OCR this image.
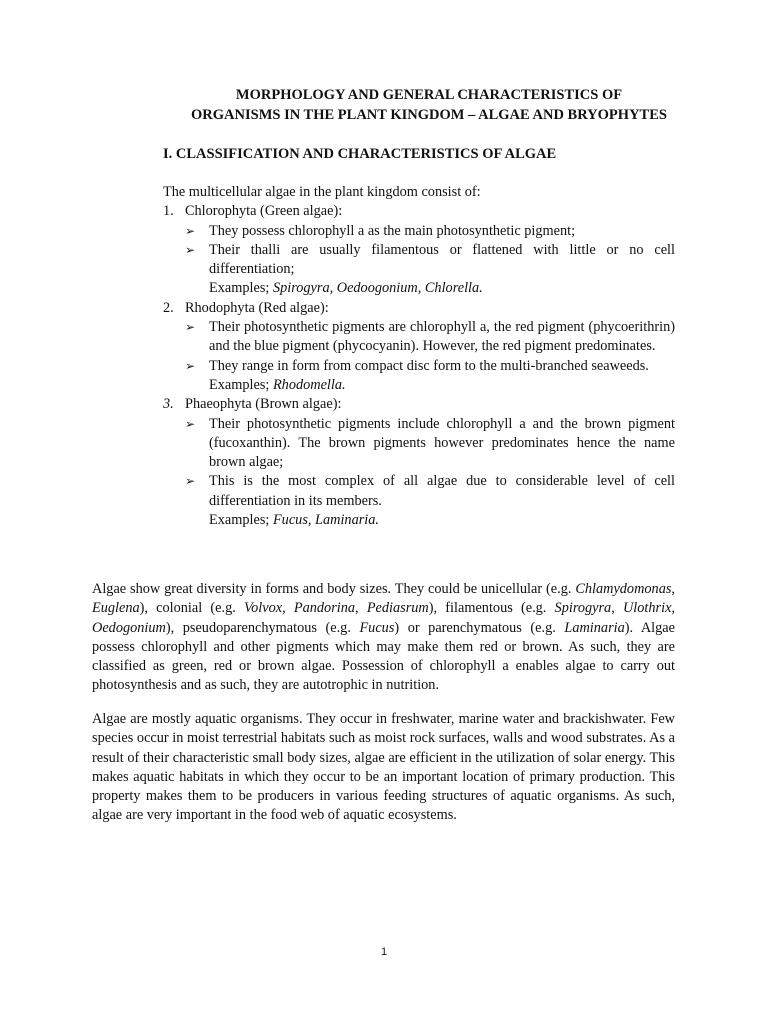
MORPHOLOGY AND GENERAL CHARACTERISTICS OF
ORGANISMS IN THE PLANT KINGDOM – ALGAE AND BRYOPHYTES
I. CLASSIFICATION AND CHARACTERISTICS OF ALGAE
The multicellular algae in the plant kingdom consist of:
1. Chlorophyta (Green algae):
➢ They possess chlorophyll a as the main photosynthetic pigment;
➢ Their thalli are usually filamentous or flattened with little or no cell differentiation;
Examples; Spirogyra, Oedoogonium, Chlorella.
2. Rhodophyta (Red algae):
➢ Their photosynthetic pigments are chlorophyll a, the red pigment (phycoerithrin) and the blue pigment (phycocyanin). However, the red pigment predominates.
➢ They range in form from compact disc form to the multi-branched seaweeds.
Examples; Rhodomella.
3. Phaeophyta (Brown algae):
➢ Their photosynthetic pigments include chlorophyll a and the brown pigment (fucoxanthin). The brown pigments however predominates hence the name brown algae;
➢ This is the most complex of all algae due to considerable level of cell differentiation in its members.
Examples; Fucus, Laminaria.
Algae show great diversity in forms and body sizes. They could be unicellular (e.g. Chlamydomonas, Euglena), colonial (e.g. Volvox, Pandorina, Pediasrum), filamentous (e.g. Spirogyra, Ulothrix, Oedogonium), pseudoparenchymatous (e.g. Fucus) or parenchymatous (e.g. Laminaria). Algae possess chlorophyll and other pigments which may make them red or brown. As such, they are classified as green, red or brown algae. Possession of chlorophyll a enables algae to carry out photosynthesis and as such, they are autotrophic in nutrition.
Algae are mostly aquatic organisms. They occur in freshwater, marine water and brackishwater. Few species occur in moist terrestrial habitats such as moist rock surfaces, walls and wood substrates. As a result of their characteristic small body sizes, algae are efficient in the utilization of solar energy. This makes aquatic habitats in which they occur to be an important location of primary production. This property makes them to be producers in various feeding structures of aquatic organisms. As such, algae are very important in the food web of aquatic ecosystems.
1
